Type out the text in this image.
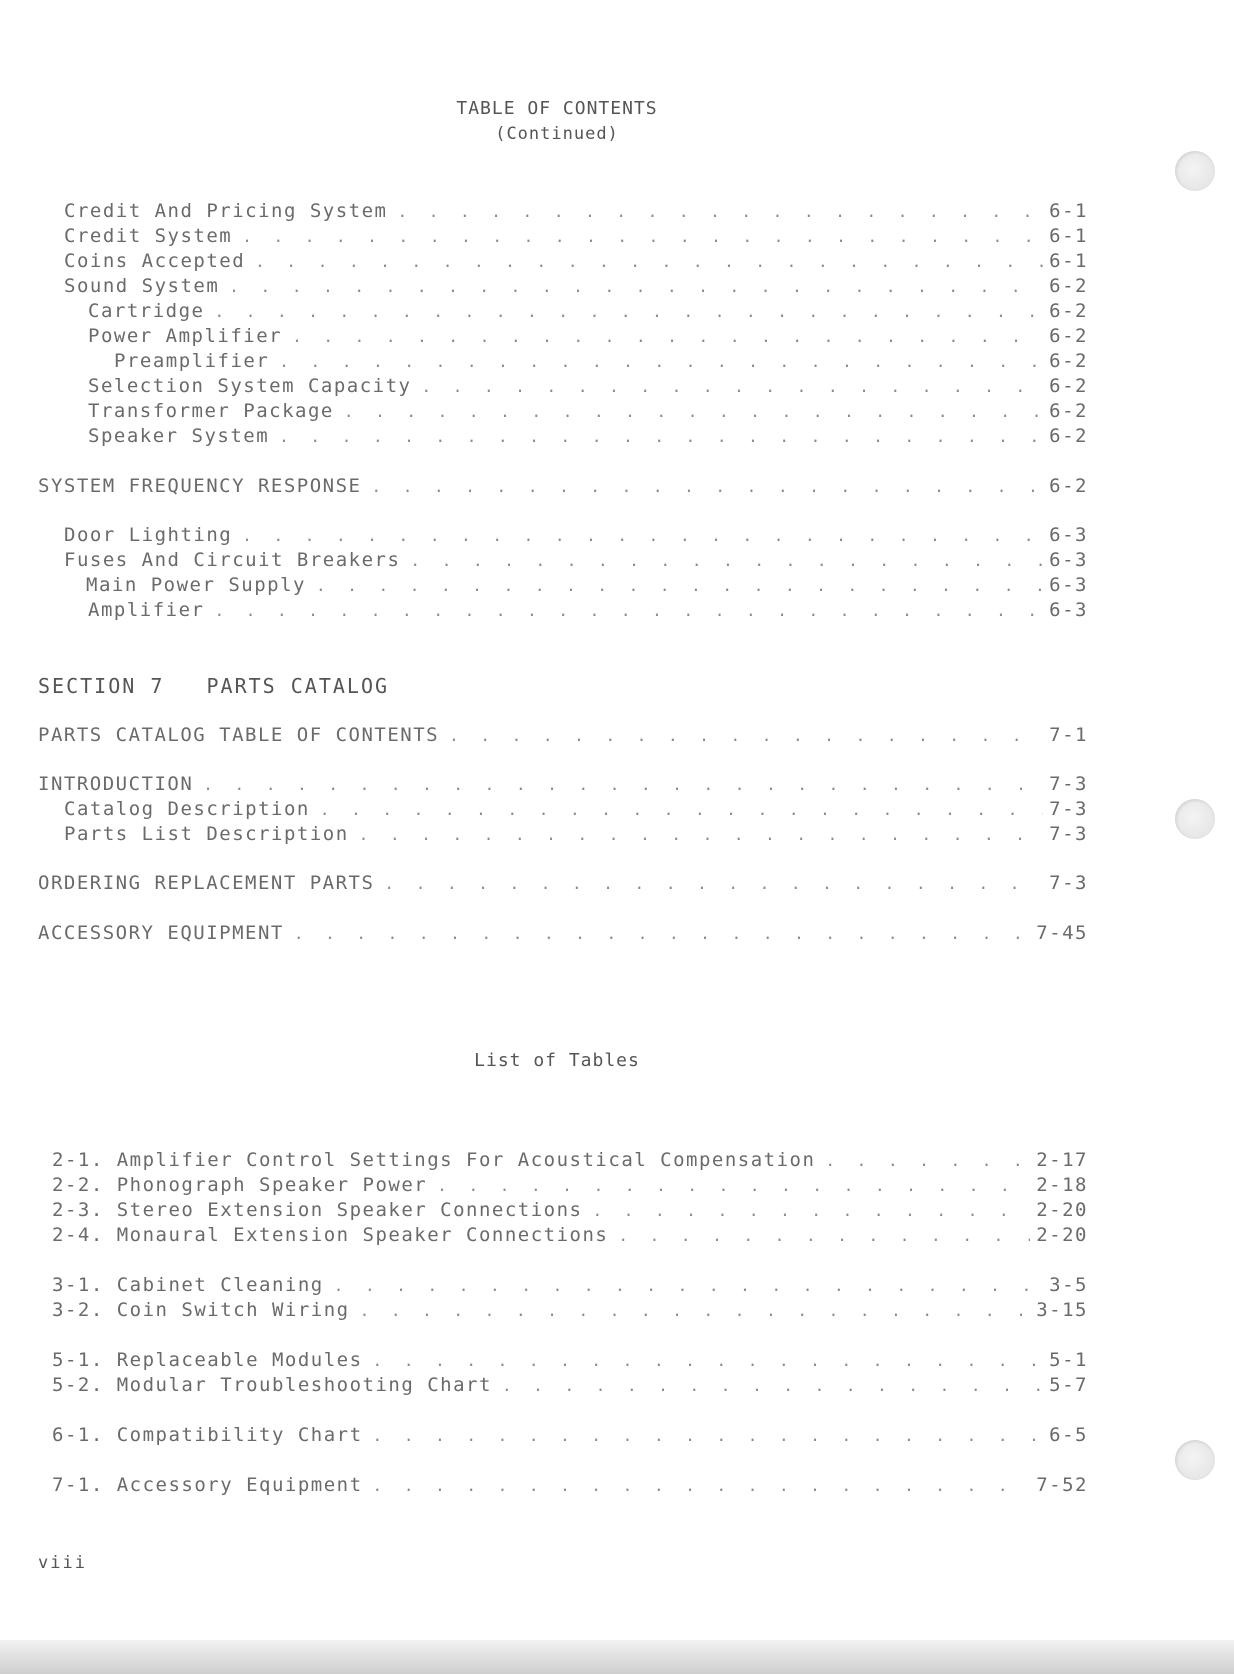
TABLE OF CONTENTS
(Continued)
Credit And Pricing System . . .	6-1
Credit System . . .	6-1
Coins Accepted . . .	6-1
Sound System . . .	6-2
Cartridge . . .	6-2
Power Amplifier . . .	6-2
Preamplifier . . .	6-2
Selection System Capacity . . .	6-2
Transformer Package . . .	6-2
Speaker System . . .	6-2
SYSTEM FREQUENCY RESPONSE . . .	6-2
Door Lighting . . .	6-3
Fuses And Circuit Breakers . . .	6-3
Main Power Supply . . .	6-3
Amplifier . . .	6-3
SECTION 7   PARTS CATALOG
PARTS CATALOG TABLE OF CONTENTS . . .	7-1
INTRODUCTION . . .	7-3
Catalog Description . . .	7-3
Parts List Description . . .	7-3
ORDERING REPLACEMENT PARTS . . .	7-3
ACCESSORY EQUIPMENT . . .	7-45
List of Tables
2-1. Amplifier Control Settings For Acoustical Compensation . . .	2-17
2-2. Phonograph Speaker Power . . .	2-18
2-3. Stereo Extension Speaker Connections . . .	2-20
2-4. Monaural Extension Speaker Connections . . .	2-20
3-1. Cabinet Cleaning . . .	3-5
3-2. Coin Switch Wiring . . .	3-15
5-1. Replaceable Modules . . .	5-1
5-2. Modular Troubleshooting Chart . . .	5-7
6-1. Compatibility Chart . . .	6-5
7-1. Accessory Equipment . . .	7-52
viii
